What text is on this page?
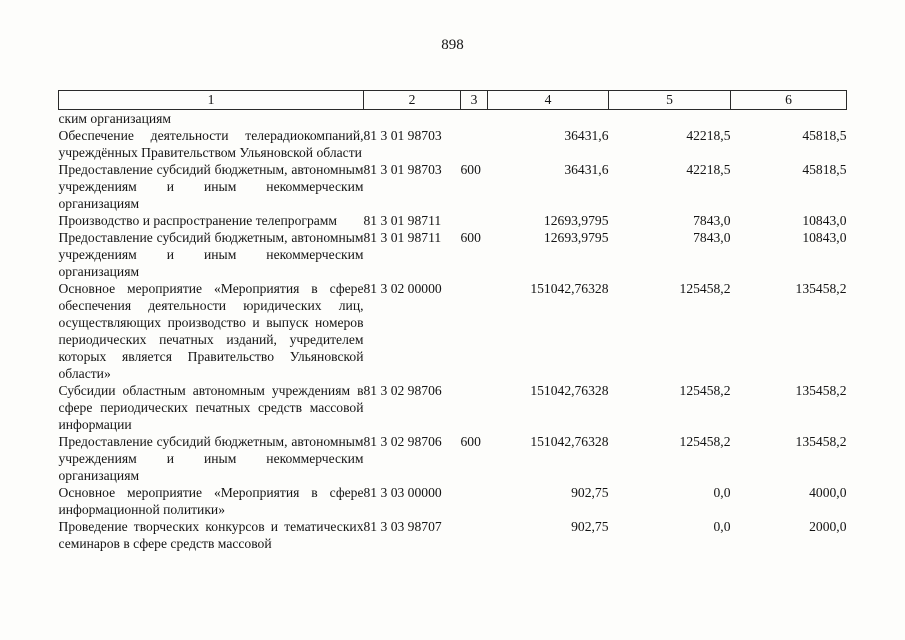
898
1	2	3	4	5	6
ским организациям					
Обеспечение деятельности телерадиокомпаний, учреждённых Правительством Ульяновской области	81 3 01 98703		36431,6	42218,5	45818,5
Предоставление субсидий бюджетным, автономным учреждениям и иным некоммерческим организациям	81 3 01 98703	600	36431,6	42218,5	45818,5
Производство и распространение телепрограмм	81 3 01 98711		12693,9795	7843,0	10843,0
Предоставление субсидий бюджетным, автономным учреждениям и иным некоммерческим организациям	81 3 01 98711	600	12693,9795	7843,0	10843,0
Основное мероприятие «Мероприятия в сфере обеспечения деятельности юридических лиц, осуществляющих производство и выпуск номеров периодических печатных изданий, учредителем которых является Правительство Ульяновской области»	81 3 02 00000		151042,76328	125458,2	135458,2
Субсидии областным автономным учреждениям в сфере периодических печатных средств массовой информации	81 3 02 98706		151042,76328	125458,2	135458,2
Предоставление субсидий бюджетным, автономным учреждениям и иным некоммерческим организациям	81 3 02 98706	600	151042,76328	125458,2	135458,2
Основное мероприятие «Мероприятия в сфере информационной политики»	81 3 03 00000		902,75	0,0	4000,0
Проведение творческих конкурсов и тематических семинаров в сфере средств массовой	81 3 03 98707		902,75	0,0	2000,0
